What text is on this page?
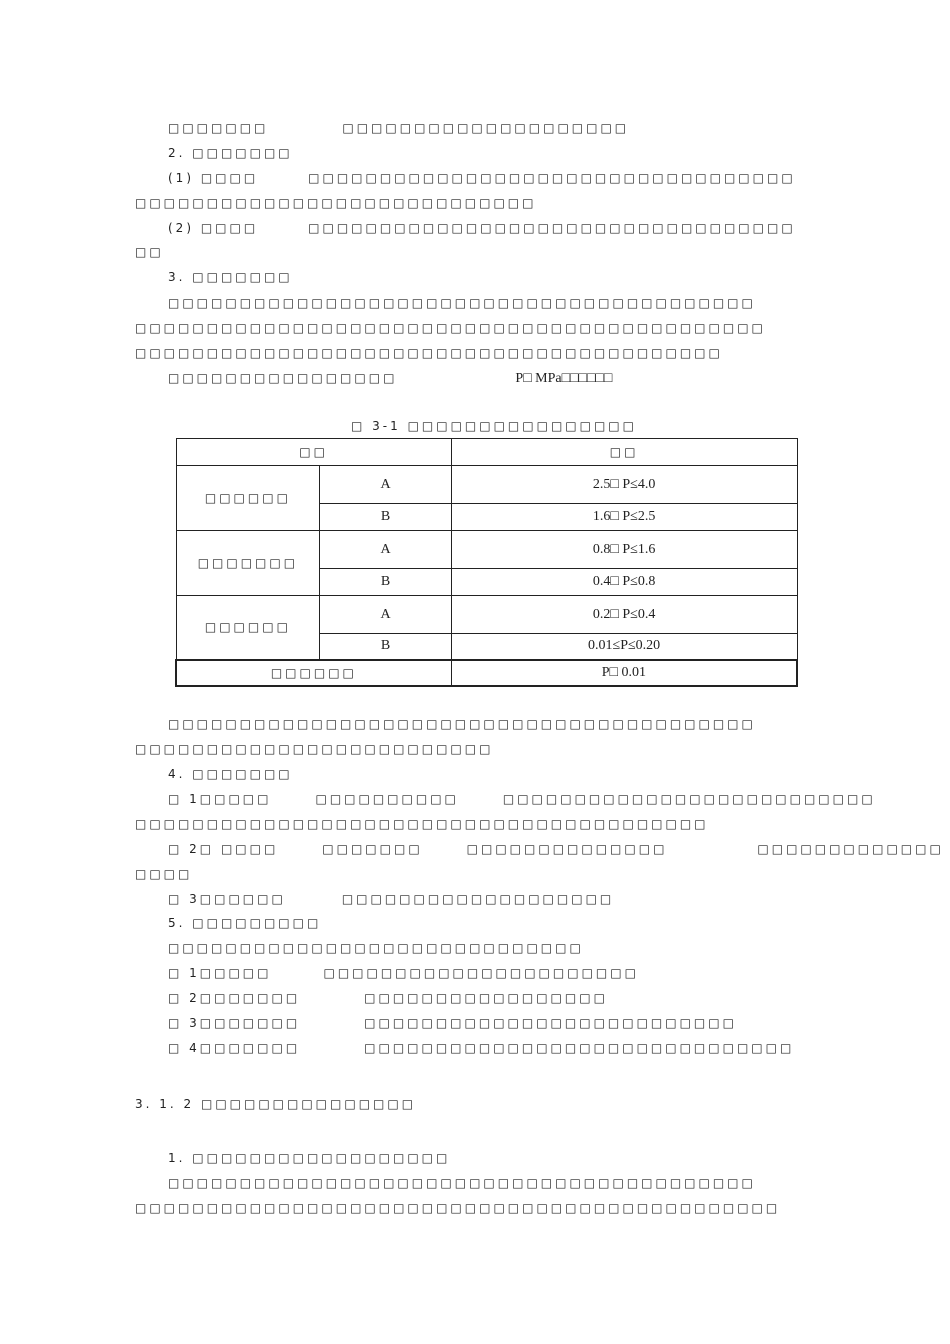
□□□□□□□	□□□□□□□□□□□□□□□□□□□□
2. □□□□□□□
(1) □□□□	□□□□□□□□□□□□□□□□□□□□□□□□□□□□□□□□□□
□□□□□□□□□□□□□□□□□□□□□□□□□□□□
(2) □□□□	□□□□□□□□□□□□□□□□□□□□□□□□□□□□□□□□□□
□□
3. □□□□□□□
□□□□□□□□□□□□□□□□□□□□□□□□□□□□□□□□□□□□□□□□□
□□□□□□□□□□□□□□□□□□□□□□□□□□□□□□□□□□□□□□□□□□□□
□□□□□□□□□□□□□□□□□□□□□□□□□□□□□□□□□□□□□□□□□
□□□□□□□□□□□□□□□□	P□ MPa□□□□□□
□ 3-1 □□□□□□□□□□□□□□□□
□□		□□
□□□□□□	A	2.5□ P≤4.0
	B	1.6□ P≤2.5
□□□□□□□	A	0.8□ P≤1.6
	B	0.4□ P≤0.8
□□□□□□	A	0.2□ P≤0.4
	B	0.01≤P≤0.20
□□□□□□		P□ 0.01
□□□□□□□□□□□□□□□□□□□□□□□□□□□□□□□□□□□□□□□□□
□□□□□□□□□□□□□□□□□□□□□□□□□
4. □□□□□□□
□ 1□□□□□	□□□□□□□□□□	□□□□□□□□□□□□□□□□□□□□□□□□□□
□□□□□□□□□□□□□□□□□□□□□□□□□□□□□□□□□□□□□□□□
□ 2□ □□□□	□□□□□□□	□□□□□□□□□□□□□□	□□□□□□□□□□□□□
□□□□
□ 3□□□□□□	□□□□□□□□□□□□□□□□□□□
5. □□□□□□□□□
□□□□□□□□□□□□□□□□□□□□□□□□□□□□□
□ 1□□□□□	□□□□□□□□□□□□□□□□□□□□□□
□ 2□□□□□□□	□□□□□□□□□□□□□□□□□
□ 3□□□□□□□	□□□□□□□□□□□□□□□□□□□□□□□□□□
□ 4□□□□□□□	□□□□□□□□□□□□□□□□□□□□□□□□□□□□□□
3. 1. 2 □□□□□□□□□□□□□□□
1. □□□□□□□□□□□□□□□□□□
□□□□□□□□□□□□□□□□□□□□□□□□□□□□□□□□□□□□□□□□□
□□□□□□□□□□□□□□□□□□□□□□□□□□□□□□□□□□□□□□□□□□□□□
